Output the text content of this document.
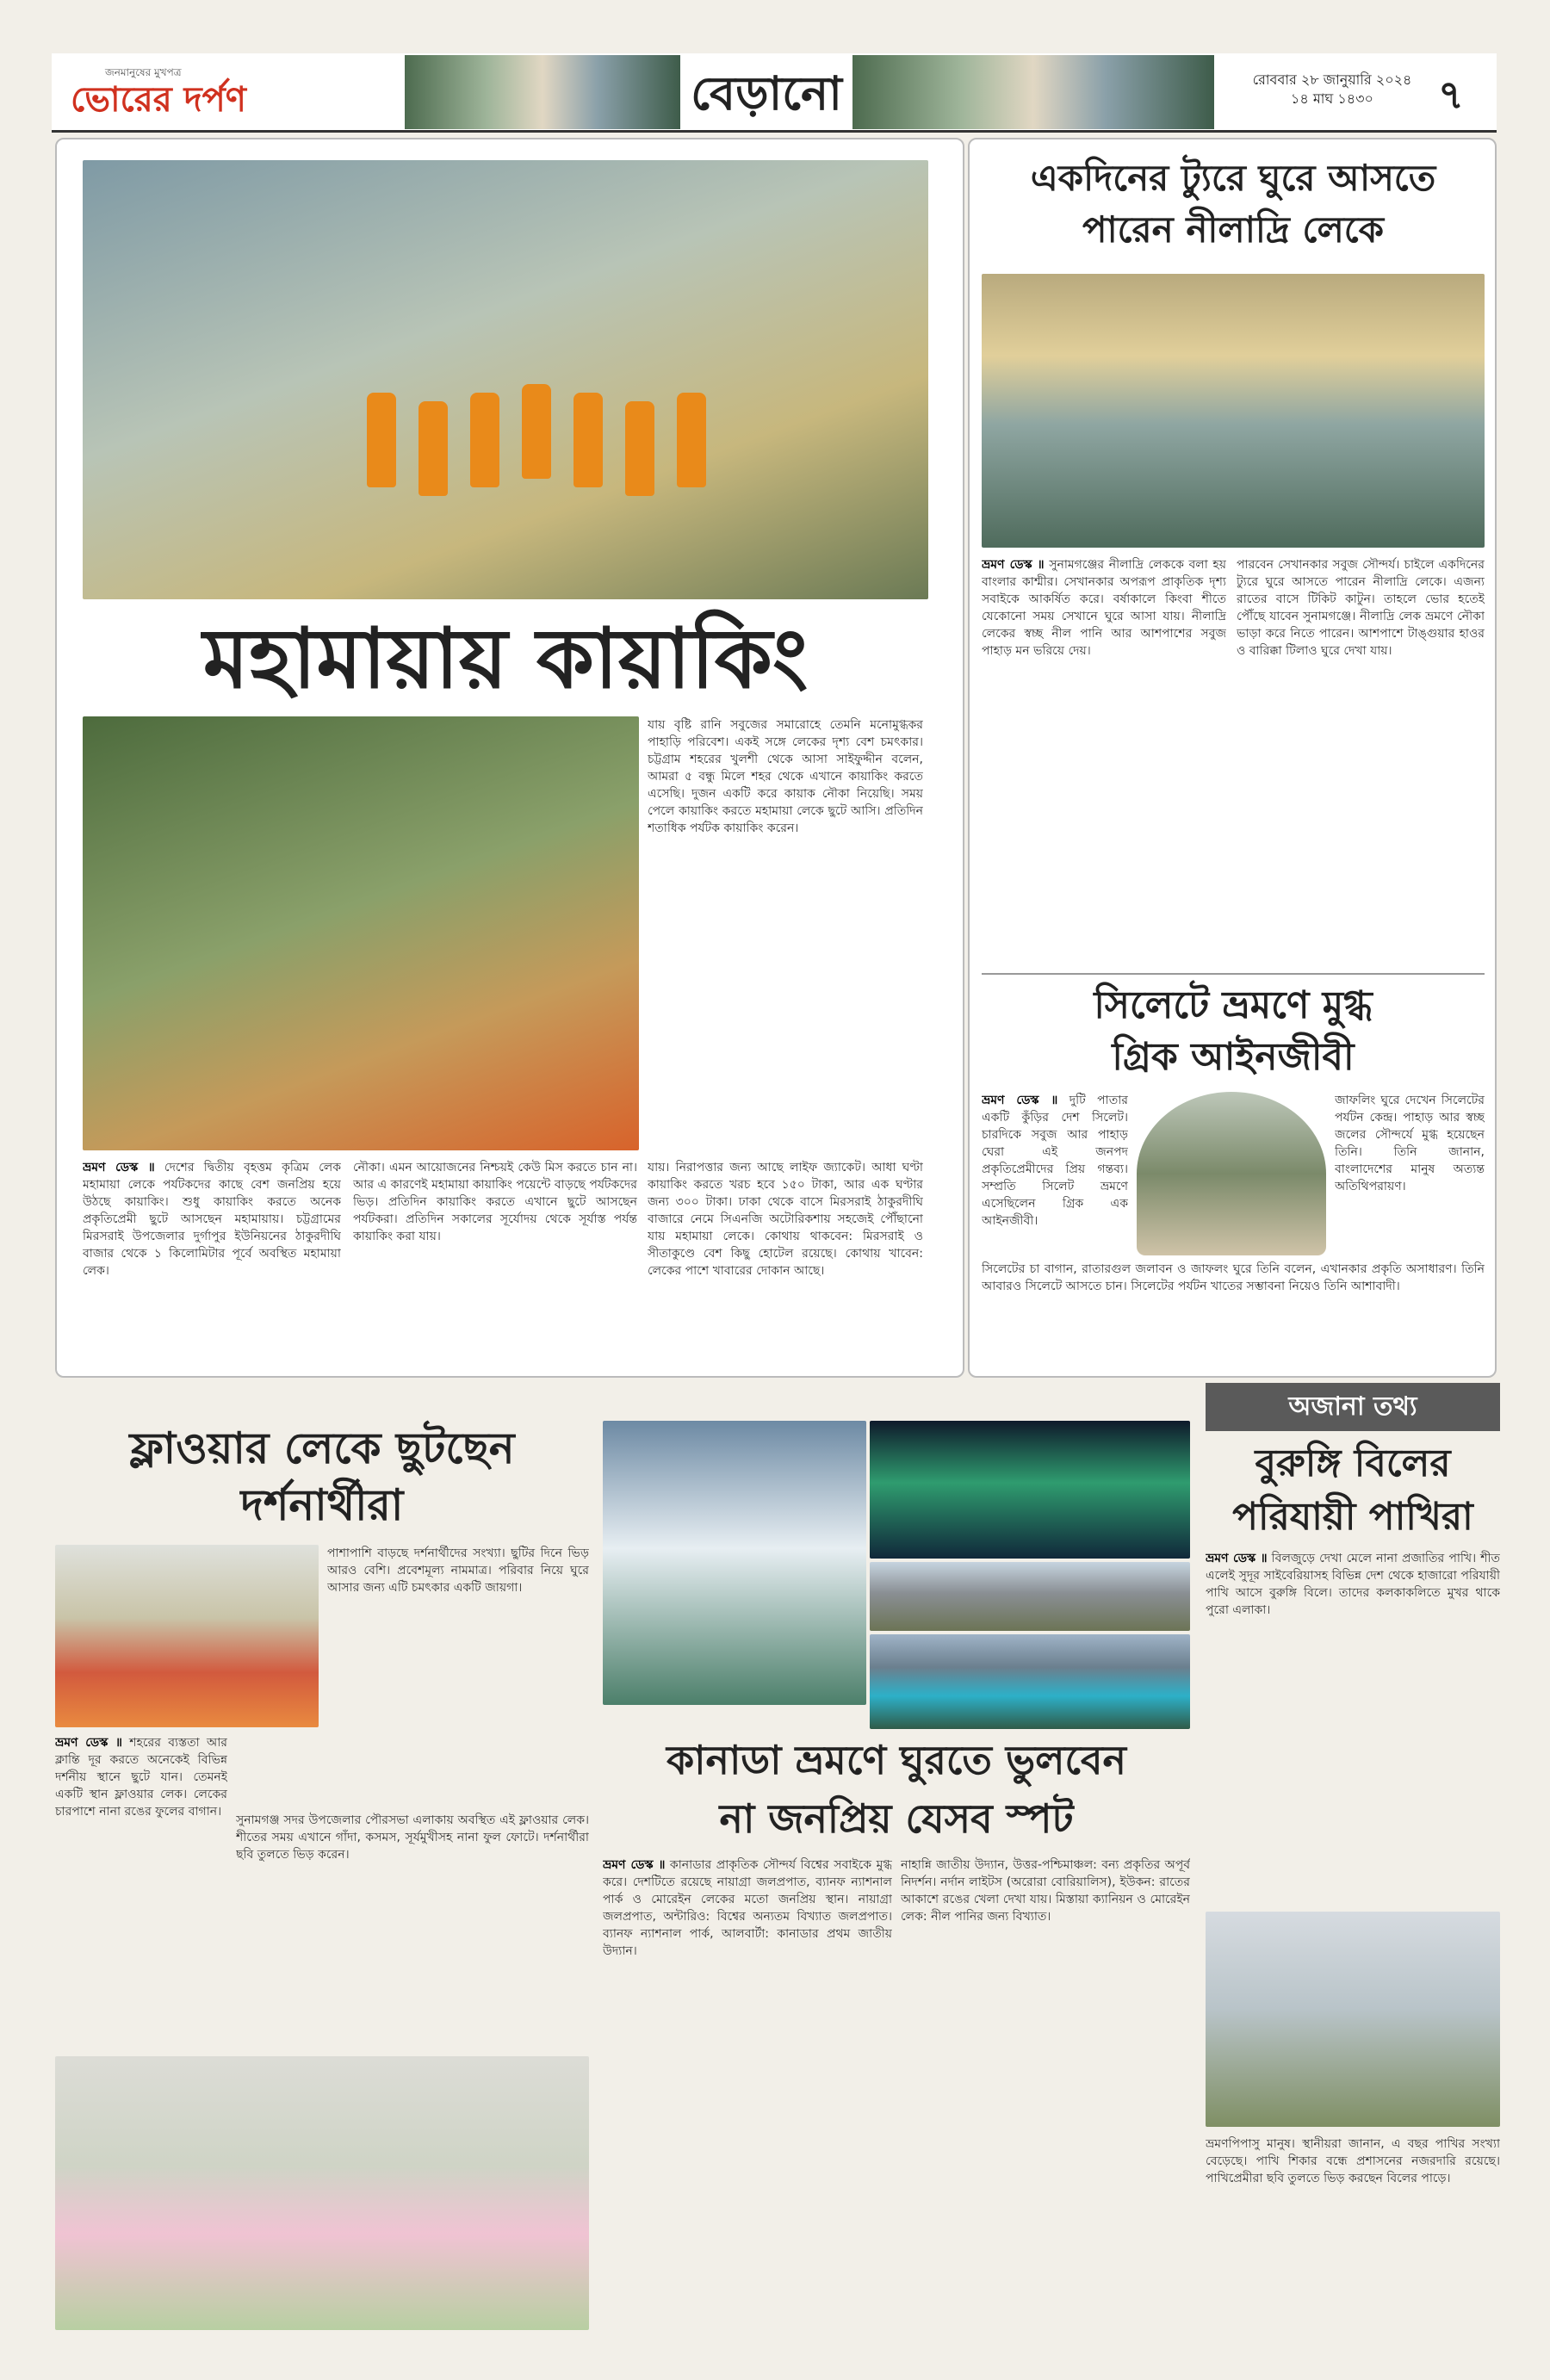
জনমানুষের মুখপত্র
ভোরের দর্পণ	বেড়ানো	রোববার ২৮ জানুয়ারি ২০২৪
১৪ মাঘ ১৪৩০	৭
মহামায়ায় কায়াকিং
ভ্রমণ ডেস্ক ॥ দেশের দ্বিতীয় বৃহত্তম কৃত্রিম লেক মহামায়া লেকে পর্যটকদের কাছে বেশ জনপ্রিয় হয়ে উঠছে কায়াকিং। শুধু কায়াকিং করতে অনেক প্রকৃতিপ্রেমী ছুটে আসছেন মহামায়ায়। চট্টগ্রামের মিরসরাই উপজেলার দুর্গাপুর ইউনিয়নের ঠাকুরদীঘি বাজার থেকে ১ কিলোমিটার পূর্বে অবস্থিত মহামায়া লেক।
যায় বৃষ্টি রানি সবুজের সমারোহে তেমনি মনোমুগ্ধকর পাহাড়ি পরিবেশ। একই সঙ্গে লেকের দৃশ্য বেশ চমৎকার। চট্টগ্রাম শহরের খুলশী থেকে আসা সাইফুদ্দীন বলেন, আমরা ৫ বন্ধু মিলে শহর থেকে এখানে কায়াকিং করতে এসেছি। দুজন একটি করে কায়াক নৌকা নিয়েছি। সময় পেলে কায়াকিং করতে মহামায়া লেকে ছুটে আসি। প্রতিদিন শতাধিক পর্যটক কায়াকিং করেন।
নৌকা। এমন আয়োজনের নিশ্চয়ই কেউ মিস করতে চান না। আর এ কারণেই মহামায়া কায়াকিং পয়েন্টে বাড়ছে পর্যটকদের ভিড়। প্রতিদিন কায়াকিং করতে এখানে ছুটে আসছেন পর্যটকরা। প্রতিদিন সকালের সূর্যোদয় থেকে সূর্যাস্ত পর্যন্ত কায়াকিং করা যায়।
যায়। নিরাপত্তার জন্য আছে লাইফ জ্যাকেট। আধা ঘণ্টা কায়াকিং করতে খরচ হবে ১৫০ টাকা, আর এক ঘণ্টার জন্য ৩০০ টাকা। ঢাকা থেকে বাসে মিরসরাই ঠাকুরদীঘি বাজারে নেমে সিএনজি অটোরিকশায় সহজেই পৌঁছানো যায় মহামায়া লেকে। কোথায় থাকবেন: মিরসরাই ও সীতাকুণ্ডে বেশ কিছু হোটেল রয়েছে। কোথায় খাবেন: লেকের পাশে খাবারের দোকান আছে।
একদিনের ট্যুরে ঘুরে আসতে
পারেন নীলাদ্রি লেকে
ভ্রমণ ডেস্ক ॥ সুনামগঞ্জের নীলাদ্রি লেককে বলা হয় বাংলার কাশ্মীর। সেখানকার অপরূপ প্রাকৃতিক দৃশ্য সবাইকে আকর্ষিত করে। বর্ষাকালে কিংবা শীতে যেকোনো সময় সেখানে ঘুরে আসা যায়। নীলাদ্রি লেকের স্বচ্ছ নীল পানি আর আশপাশের সবুজ পাহাড় মন ভরিয়ে দেয়।
পারবেন সেখানকার সবুজ সৌন্দর্য। চাইলে একদিনের ট্যুরে ঘুরে আসতে পারেন নীলাদ্রি লেকে। এজন্য রাতের বাসে টিকিট কাটুন। তাহলে ভোর হতেই পৌঁছে যাবেন সুনামগঞ্জে। নীলাদ্রি লেক ভ্রমণে নৌকা ভাড়া করে নিতে পারেন। আশপাশে টাঙ্গুয়ার হাওর ও বারিক্কা টিলাও ঘুরে দেখা যায়।
সিলেটে ভ্রমণে মুগ্ধ
গ্রিক আইনজীবী
ভ্রমণ ডেস্ক ॥ দুটি পাতার একটি কুঁড়ির দেশ সিলেট। চারদিকে সবুজ আর পাহাড় ঘেরা এই জনপদ প্রকৃতিপ্রেমীদের প্রিয় গন্তব্য। সম্প্রতি সিলেট ভ্রমণে এসেছিলেন গ্রিক এক আইনজীবী।
জাফলিং ঘুরে দেখেন সিলেটের পর্যটন কেন্দ্র। পাহাড় আর স্বচ্ছ জলের সৌন্দর্যে মুগ্ধ হয়েছেন তিনি। তিনি জানান, বাংলাদেশের মানুষ অত্যন্ত অতিথিপরায়ণ।
সিলেটের চা বাগান, রাতারগুল জলাবন ও জাফলং ঘুরে তিনি বলেন, এখানকার প্রকৃতি অসাধারণ। তিনি আবারও সিলেটে আসতে চান। সিলেটের পর্যটন খাতের সম্ভাবনা নিয়েও তিনি আশাবাদী।
ফ্লাওয়ার লেকে ছুটছেন
দর্শনার্থীরা
পাশাপাশি বাড়ছে দর্শনার্থীদের সংখ্যা। ছুটির দিনে ভিড় আরও বেশি। প্রবেশমূল্য নামমাত্র। পরিবার নিয়ে ঘুরে আসার জন্য এটি চমৎকার একটি জায়গা।
ভ্রমণ ডেস্ক ॥ শহরের ব্যস্ততা আর ক্লান্তি দূর করতে অনেকেই বিভিন্ন দর্শনীয় স্থানে ছুটে যান। তেমনই একটি স্থান ফ্লাওয়ার লেক। লেকের চারপাশে নানা রঙের ফুলের বাগান।
সুনামগঞ্জ সদর উপজেলার পৌরসভা এলাকায় অবস্থিত এই ফ্লাওয়ার লেক। শীতের সময় এখানে গাঁদা, কসমস, সূর্যমুখীসহ নানা ফুল ফোটে। দর্শনার্থীরা ছবি তুলতে ভিড় করেন।
কানাডা ভ্রমণে ঘুরতে ভুলবেন
না জনপ্রিয় যেসব স্পট
ভ্রমণ ডেস্ক ॥ কানাডার প্রাকৃতিক সৌন্দর্য বিশ্বের সবাইকে মুগ্ধ করে। দেশটিতে রয়েছে নায়াগ্রা জলপ্রপাত, ব্যানফ ন্যাশনাল পার্ক ও মোরেইন লেকের মতো জনপ্রিয় স্থান। নায়াগ্রা জলপ্রপাত, অন্টারিও: বিশ্বের অন্যতম বিখ্যাত জলপ্রপাত। ব্যানফ ন্যাশনাল পার্ক, আলবার্টা: কানাডার প্রথম জাতীয় উদ্যান।
নাহান্নি জাতীয় উদ্যান, উত্তর-পশ্চিমাঞ্চল: বন্য প্রকৃতির অপূর্ব নিদর্শন। নর্দান লাইটস (অরোরা বোরিয়ালিস), ইউকন: রাতের আকাশে রঙের খেলা দেখা যায়। মিস্তায়া ক্যানিয়ন ও মোরেইন লেক: নীল পানির জন্য বিখ্যাত।
অজানা তথ্য
বুরুঙ্গি বিলের
পরিযায়ী পাখিরা
ভ্রমণ ডেস্ক ॥ বিলজুড়ে দেখা মেলে নানা প্রজাতির পাখি। শীত এলেই সুদূর সাইবেরিয়াসহ বিভিন্ন দেশ থেকে হাজারো পরিযায়ী পাখি আসে বুরুঙ্গি বিলে। তাদের কলকাকলিতে মুখর থাকে পুরো এলাকা।
ভ্রমণপিপাসু মানুষ। স্থানীয়রা জানান, এ বছর পাখির সংখ্যা বেড়েছে। পাখি শিকার বন্ধে প্রশাসনের নজরদারি রয়েছে। পাখিপ্রেমীরা ছবি তুলতে ভিড় করছেন বিলের পাড়ে।
